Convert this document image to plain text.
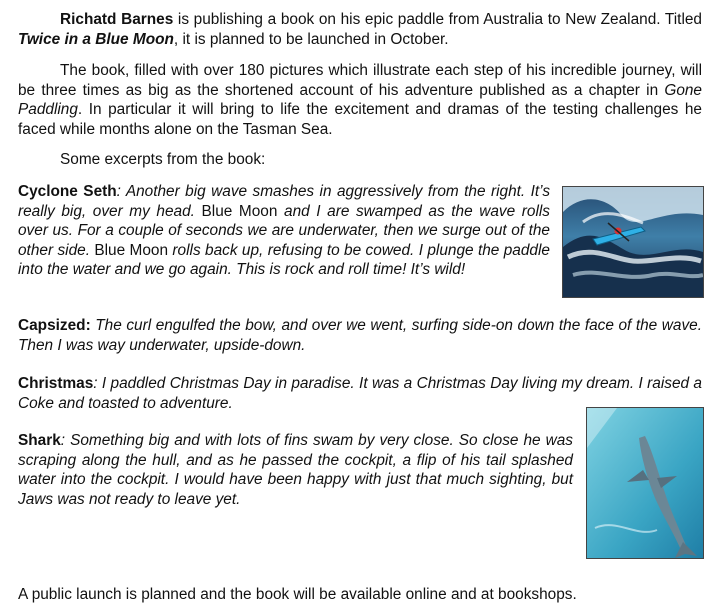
Richatd Barnes is publishing a book on his epic paddle from Australia to New Zealand. Titled Twice in a Blue Moon, it is planned to be launched in October.

The book, filled with over 180 pictures which illustrate each step of his incredible journey, will be three times as big as the shortened account of his adventure published as a chapter in Gone Paddling. In particular it will bring to life the excitement and dramas of the testing challenges he faced while months alone on the Tasman Sea.

Some excerpts from the book:

Cyclone Seth: Another big wave smashes in aggressively from the right. It’s really big, over my head. Blue Moon and I are swamped as the wave rolls over us. For a couple of seconds we are underwater, then we surge out of the other side. Blue Moon rolls back up, refusing to be cowed. I plunge the paddle into the water and we go again. This is rock and roll time! It’s wild!

Capsized: The curl engulfed the bow, and over we went, surfing side-on down the face of the wave. Then I was way underwater, upside-down.

Christmas: I paddled Christmas Day in paradise. It was a Christmas Day living my dream. I raised a Coke and toasted to adventure.

Shark: Something big and with lots of fins swam by very close. So close he was scraping along the hull, and as he passed the cockpit, a flip of his tail splashed water into the cockpit. I would have been happy with just that much sighting, but Jaws was not ready to leave yet.

A public launch is planned and the book will be available online and at bookshops.
